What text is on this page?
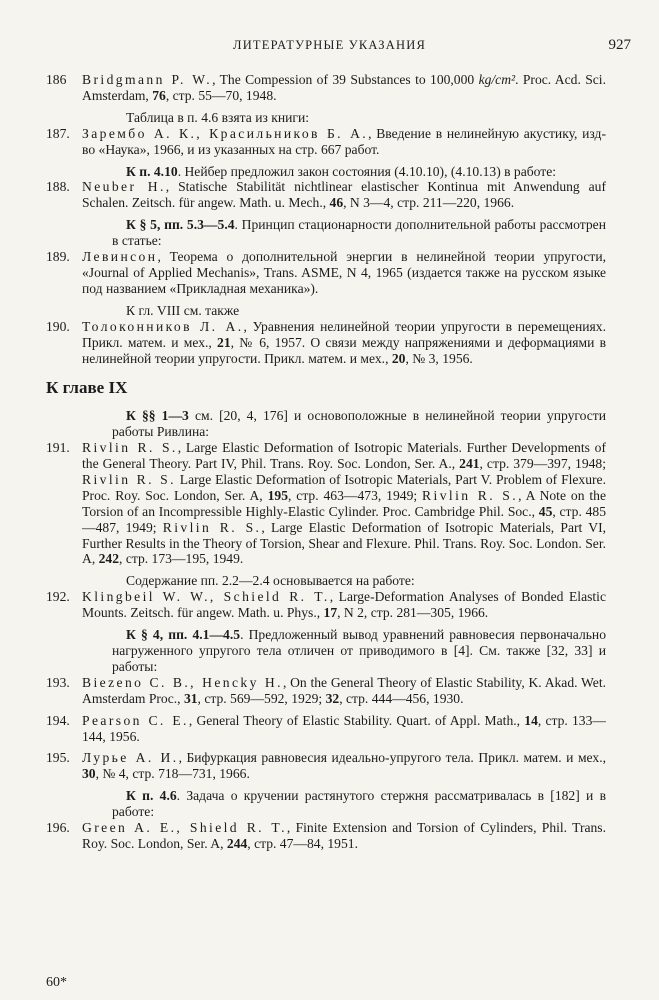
ЛИТЕРАТУРНЫЕ УКАЗАНИЯ	927
186	Bridgmann P. W., The Compession of 39 Substances to 100,000 kg/cm². Proc. Acd. Sci. Amsterdam, 76, стр. 55—70, 1948.
Таблица в п. 4.6 взята из книги:
187. Зарембо А. К., Красильников Б. А., Введение в нелинейную акустику, изд-во «Наука», 1966, и из указанных на стр. 667 работ.
К п. 4.10. Нейбер предложил закон состояния (4.10.10), (4.10.13) в работе:
188. Neuber H., Statische Stabilität nichtlinear elastischer Kontinua mit Anwendung auf Schalen. Zeitsch. für angew. Math. u. Mech., 46, N 3—4, стр. 211—220, 1966.
К § 5, пп. 5.3—5.4. Принцип стационарности дополнительной работы рассмотрен в статье:
189. Левинсон, Теорема о дополнительной энергии в нелинейной теории упругости, «Journal of Applied Mechanis», Trans. ASME, N 4, 1965 (издается также на русском языке под названием «Прикладная механика»).
К гл. VIII см. также
190. Толоконников Л. А., Уравнения нелинейной теории упругости в перемещениях. Прикл. матем. и мех., 21, № 6, 1957. О связи между напряжениями и деформациями в нелинейной теории упругости. Прикл. матем. и мех., 20, № 3, 1956.
К главе IX
К §§ 1—3 см. [20, 4, 176] и основоположные в нелинейной теории упругости работы Ривлина:
191. Rivlin R. S., Large Elastic Deformation of Isotropic Materials. Further Developments of the General Theory. Part IV, Phil. Trans. Roy. Soc. London, Ser. A., 241, стр. 379—397, 1948; Rivlin R. S. Large Elastic Deformation of Isotropic Materials, Part V. Problem of Flexure. Proc. Roy. Soc. London, Ser. A, 195, стр. 463—473, 1949; Rivlin R. S., A Note on the Torsion of an Incompressible Highly-Elastic Cylinder. Proc. Cambridge Phil. Soc., 45, стр. 485—487, 1949; Rivlin R. S., Large Elastic Deformation of Isotropic Materials, Part VI, Further Results in the Theory of Torsion, Shear and Flexure. Phil. Trans. Roy. Soc. London. Ser. A, 242, стр. 173—195, 1949.
Содержание пп. 2.2—2.4 основывается на работе:
192. Klingbeil W. W., Schield R. T., Large-Deformation Analyses of Bonded Elastic Mounts. Zeitsch. für angew. Math. u. Phys., 17, N 2, стр. 281—305, 1966.
К § 4, пп. 4.1—4.5. Предложенный вывод уравнений равновесия первоначально нагруженного упругого тела отличен от приводимого в [4]. См. также [32, 33] и работы:
193. Biezeno C. B., Hencky H., On the General Theory of Elastic Stability, K. Akad. Wet. Amsterdam Proc., 31, стр. 569—592, 1929; 32, стр. 444—456, 1930.
194. Pearson C. E., General Theory of Elastic Stability. Quart. of Appl. Math., 14, стр. 133—144, 1956.
195. Лурье А. И., Бифуркация равновесия идеально-упругого тела. Прикл. матем. и мех., 30, № 4, стр. 718—731, 1966.
К п. 4.6. Задача о кручении растянутого стержня рассматривалась в [182] и в работе:
196. Green A. E., Shield R. T., Finite Extension and Torsion of Cylinders, Phil. Trans. Roy. Soc. London, Ser. A, 244, стр. 47—84, 1951.
60*
